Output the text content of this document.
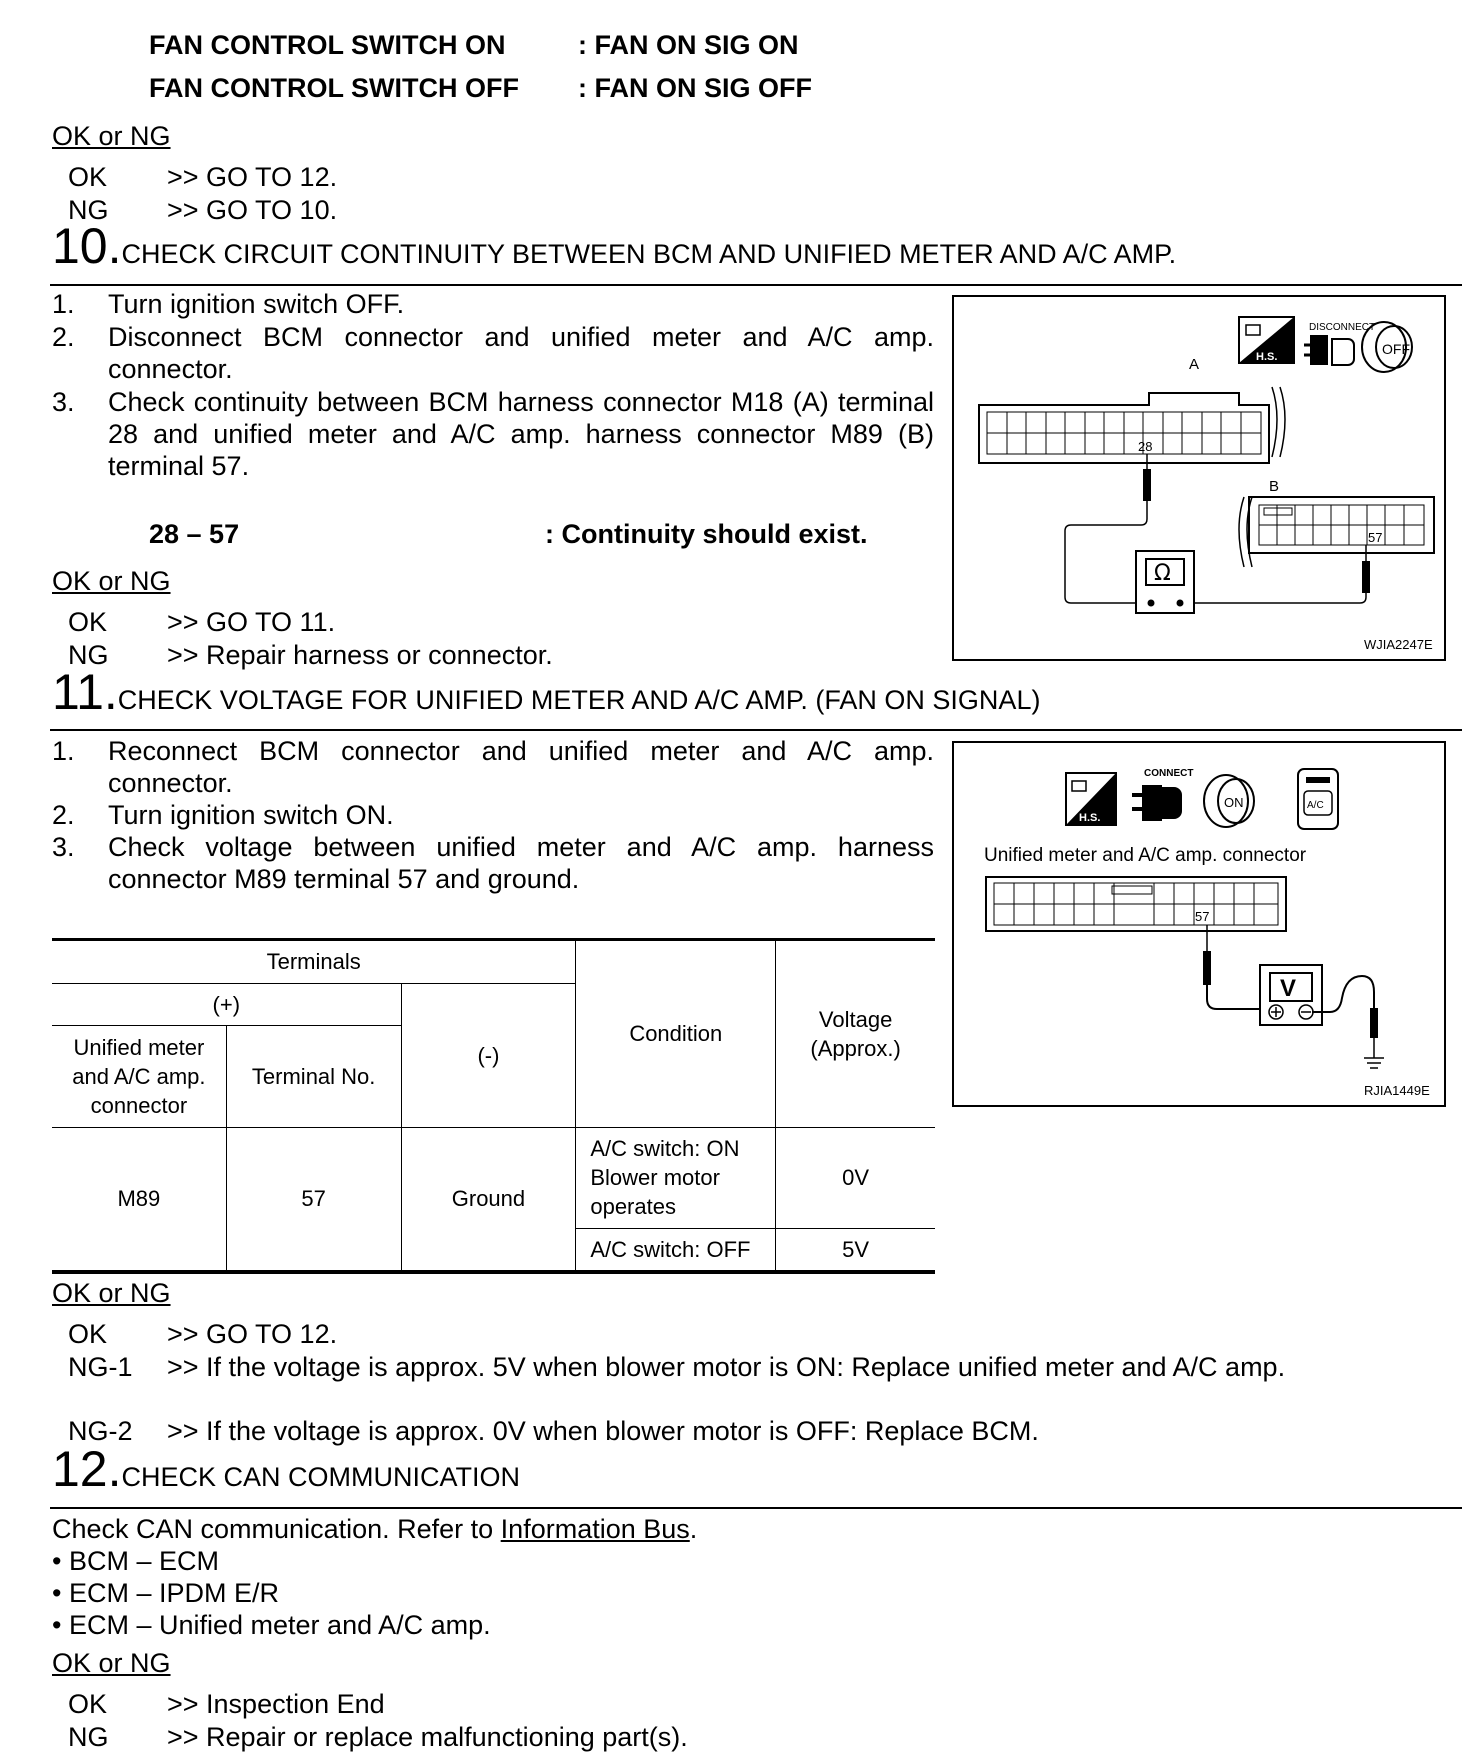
FAN CONTROL SWITCH ON	: FAN ON SIG ON
FAN CONTROL SWITCH OFF : FAN ON SIG OFF
OK or NG
OK >> GO TO 12.
NG >> GO TO 10.
10.CHECK CIRCUIT CONTINUITY BETWEEN BCM AND UNIFIED METER AND A/C AMP.
1. Turn ignition switch OFF.
2. Disconnect BCM connector and unified meter and A/C amp. connector.
3. Check continuity between BCM harness connector M18 (A) terminal 28 and unified meter and A/C amp. harness connector M89 (B) terminal 57.
28 – 57	: Continuity should exist.
OK or NG
OK >> GO TO 11.
NG >> Repair harness or connector.
H.S.
DISCONNECT
OFF
A
28
B
57
Ω
WJIA2247E
11.CHECK VOLTAGE FOR UNIFIED METER AND A/C AMP. (FAN ON SIGNAL)
1. Reconnect BCM connector and unified meter and A/C amp. connector.
2. Turn ignition switch ON.
3. Check voltage between unified meter and A/C amp. harness connector M89 terminal 57 and ground.
Terminals			Condition	Voltage (Approx.)
(+)		(-)		
Unified meter and A/C amp. connector	Terminal No.			
M89	57	Ground	A/C switch: ON Blower motor operates	0V
			A/C switch: OFF	5V
H.S.
CONNECT
ON	A/C
Unified meter and A/C amp. connector
57
V
RJIA1449E
OK or NG
OK >> GO TO 12.
NG-1 >> If the voltage is approx. 5V when blower motor is ON: Replace unified meter and A/C amp.
NG-2 >> If the voltage is approx. 0V when blower motor is OFF: Replace BCM.
12.CHECK CAN COMMUNICATION
Check CAN communication. Refer to Information Bus.
• BCM – ECM
• ECM – IPDM E/R
• ECM – Unified meter and A/C amp.
OK or NG
OK >> Inspection End
NG >> Repair or replace malfunctioning part(s).
